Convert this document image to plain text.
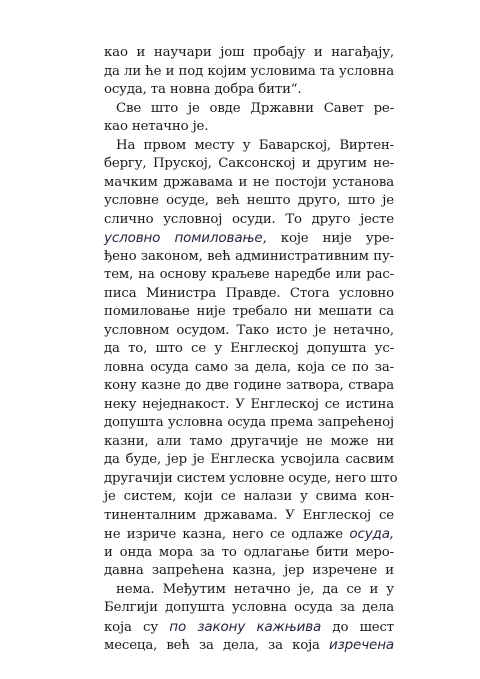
као и научари још пробају и нагађају,
да ли ће и под којим условима та условна
осуда, та новна добра бити“.
Све што је овде Државни Савет ре-
као нетачно је.
На првом месту у Баварској, Виртен-
бергу, Пруској, Саксонској и другим не-
мачким државама и не постоји установа
условне осуде, већ нешто друго, што је
слично условној осуди. То друго јесте
условно помиловање, које није уре-
ђено законом, већ административним пу-
тем, на основу краљеве наредбе или рас-
писа Министра Правде. Стога условно
помиловање није требало ни мешати са
условном осудом. Тако исто је нетачно,
да то, што се у Енглеској допушта ус-
ловна осуда само за дела, која се по за-
кону казне до две године затвора, ствара
неку неједнакост. У Енглеској се истина
допушта условна осуда према запрећеној
казни, али тамо другачије не може ни
да буде, јер је Енглеска усвојила сасвим
другачији систем условне осуде, него што
је систем, који се налази у свима кон-
тиненталним државама. У Енглеској се
не изриче казна, него се одлаже осуда,
и онда мора за то одлагање бити меро-
давна запрећена казна, јер изречене и
нема. Међутим нетачно је, да се и у
Белгији допушта условна осуда за дела
која су по закону кажњива до шест
месеца, већ за дела, за која изречена
